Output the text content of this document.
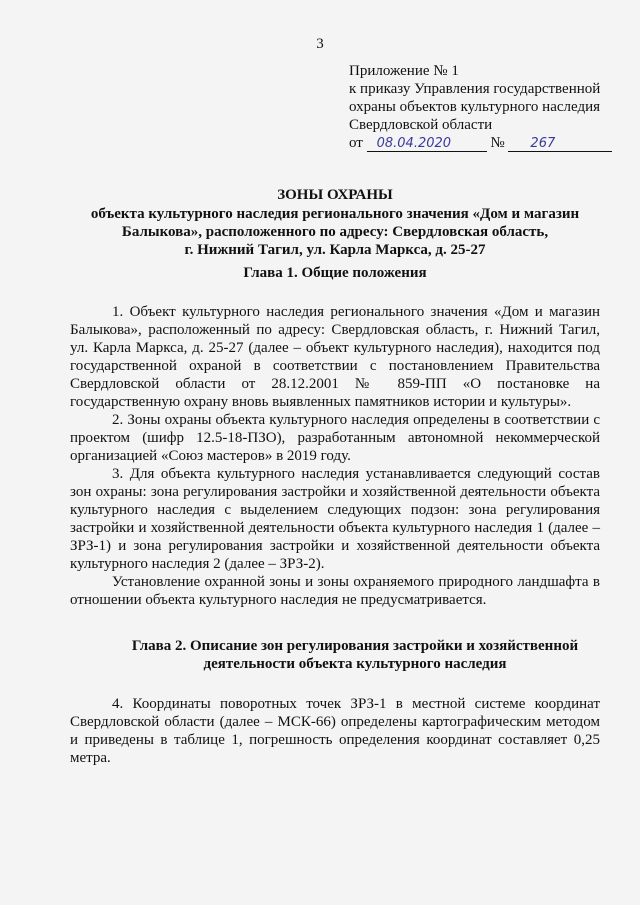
3
Приложение № 1
к приказу Управления государственной
охраны объектов культурного наследия
Свердловской области
от
	08.04.2020
	№
	267
ЗОНЫ ОХРАНЫ
объекта культурного наследия регионального значения «Дом и магазин
Балыкова», расположенного по адресу: Свердловская область,
г. Нижний Тагил, ул. Карла Маркса, д. 25-27
Глава 1. Общие положения

1. Объект культурного наследия регионального значения «Дом и магазин Балыкова», расположенный по адресу: Свердловская область, г. Нижний Тагил, ул. Карла Маркса, д. 25-27 (далее – объект культурного наследия), находится под государственной охраной в соответствии с постановлением Правительства Свердловской области от 28.12.2001 № 859-ПП «О постановке на государственную охрану вновь выявленных памятников истории и культуры».

2. Зоны охраны объекта культурного наследия определены в соответствии с проектом (шифр 12.5-18-ПЗО), разработанным автономной некоммерческой организацией «Союз мастеров» в 2019 году.

3. Для объекта культурного наследия устанавливается следующий состав зон охраны: зона регулирования застройки и хозяйственной деятельности объекта культурного наследия с выделением следующих подзон: зона регулирования застройки и хозяйственной деятельности объекта культурного наследия 1 (далее – ЗРЗ-1) и зона регулирования застройки и хозяйственной деятельности объекта культурного наследия 2 (далее – ЗРЗ-2).

Установление охранной зоны и зоны охраняемого природного ландшафта в отношении объекта культурного наследия не предусматривается.

Глава 2. Описание зон регулирования застройки и хозяйственной
деятельности объекта культурного наследия

4. Координаты поворотных точек ЗРЗ-1 в местной системе координат Свердловской области (далее – МСК-66) определены картографическим методом и приведены в таблице 1, погрешность определения координат составляет 0,25 метра.
